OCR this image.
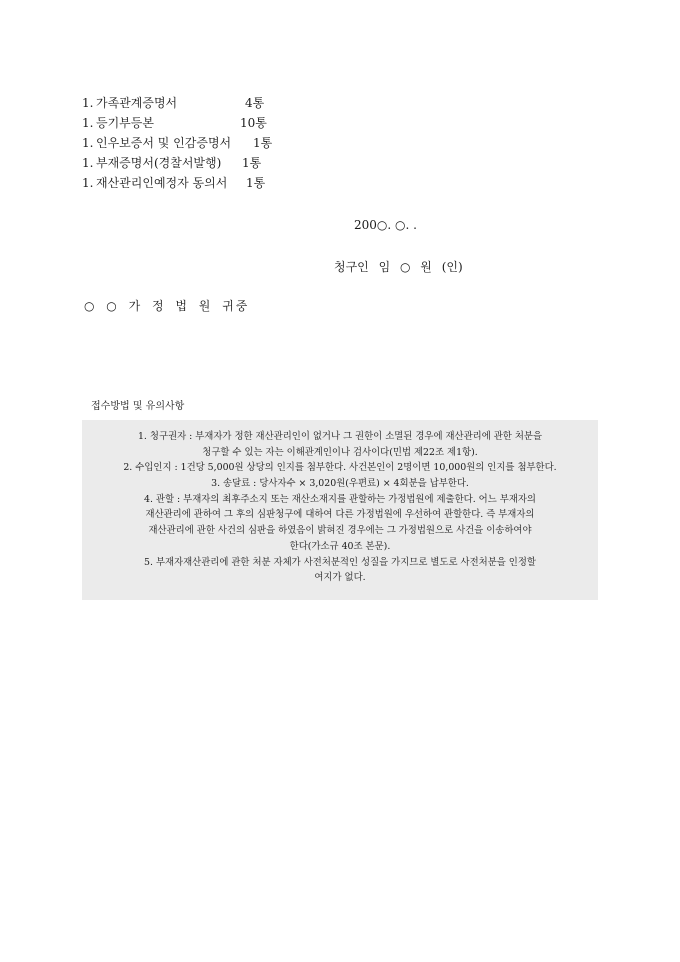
1. 가족관계증명서	4통
1. 등기부등본	10통
1. 인우보증서 및 인감증명서 1통
1. 부재증명서(경찰서발행) 1통
1. 재산관리인예정자 동의서 1통
200○. ○. .
청구인 임 ○ 원 (인)
○ ○ 가 정 법 원 귀중
접수방법 및 유의사항
1. 청구권자 : 부재자가 정한 재산관리인이 없거나 그 권한이 소멸된 경우에 재산관리에 관한 처분을
청구할 수 있는 자는 이해관계인이나 검사이다(민법 제22조 제1항).
2. 수입인지 : 1건당 5,000원 상당의 인지를 첨부한다. 사건본인이 2명이면 10,000원의 인지를 첨부한다.
3. 송달료 : 당사자수 × 3,020원(우편료) × 4회분을 납부한다.
4. 관할 : 부재자의 최후주소지 또는 재산소재지를 관할하는 가정법원에 제출한다. 어느 부재자의
재산관리에 관하여 그 후의 심판청구에 대하여 다른 가정법원에 우선하여 관할한다. 즉 부재자의
재산관리에 관한 사건의 심판을 하였음이 밝혀진 경우에는 그 가정법원으로 사건을 이송하여야
한다(가소규 40조 본문).
5. 부재자재산관리에 관한 처분 자체가 사전처분적인 성질을 가지므로 별도로 사전처분을 인정할
여지가 없다.
